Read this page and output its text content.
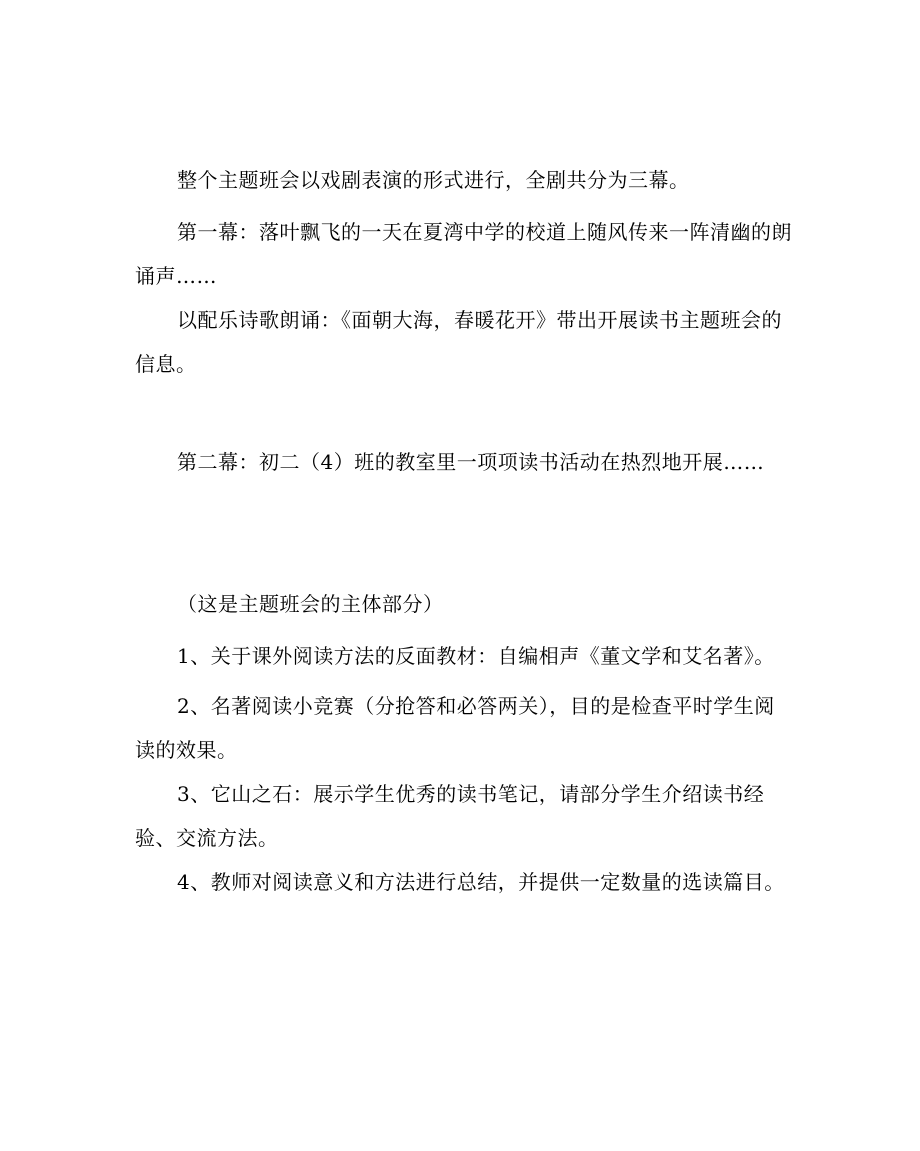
整个主题班会以戏剧表演的形式进行，全剧共分为三幕。

第一幕：落叶飘飞的一天在夏湾中学的校道上随风传来一阵清幽的朗诵声……

以配乐诗歌朗诵：《面朝大海，春暖花开》带出开展读书主题班会的信息。

第二幕：初二（4）班的教室里一项项读书活动在热烈地开展……

（这是主题班会的主体部分）

1、关于课外阅读方法的反面教材：自编相声《董文学和艾名著》。

2、名著阅读小竞赛（分抢答和必答两关），目的是检查平时学生阅读的效果。

3、它山之石：展示学生优秀的读书笔记，请部分学生介绍读书经验、交流方法。

4、教师对阅读意义和方法进行总结，并提供一定数量的选读篇目。
